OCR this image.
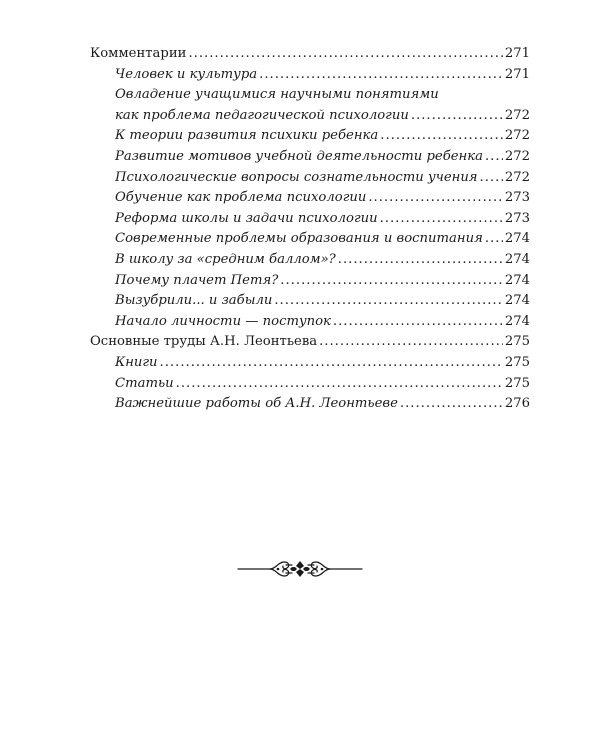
Комментарии .....	271
Человек и культура .....	271
Овладение учащимися научными понятиями
как проблема педагогической психологии .....	272
К теории развития психики ребенка .....	272
Развитие мотивов учебной деятельности ребенка ..... 272
Психологические вопросы сознательности учения ..... 272
Обучение как проблема психологии .....	273
Реформа школы и задачи психологии .....	273
Современные проблемы образования и воспитания ..... 274
В школу за «средним баллом»? .....	274
Почему плачет Петя? .....	274
Вызубрили... и забыли .....	274
Начало личности — поступок .....	274
Основные труды А.Н. Леонтьева .....	275
Книги .....	275
Статьи .....	275
Важнейшие работы об А.Н. Леонтьеве .....	276
